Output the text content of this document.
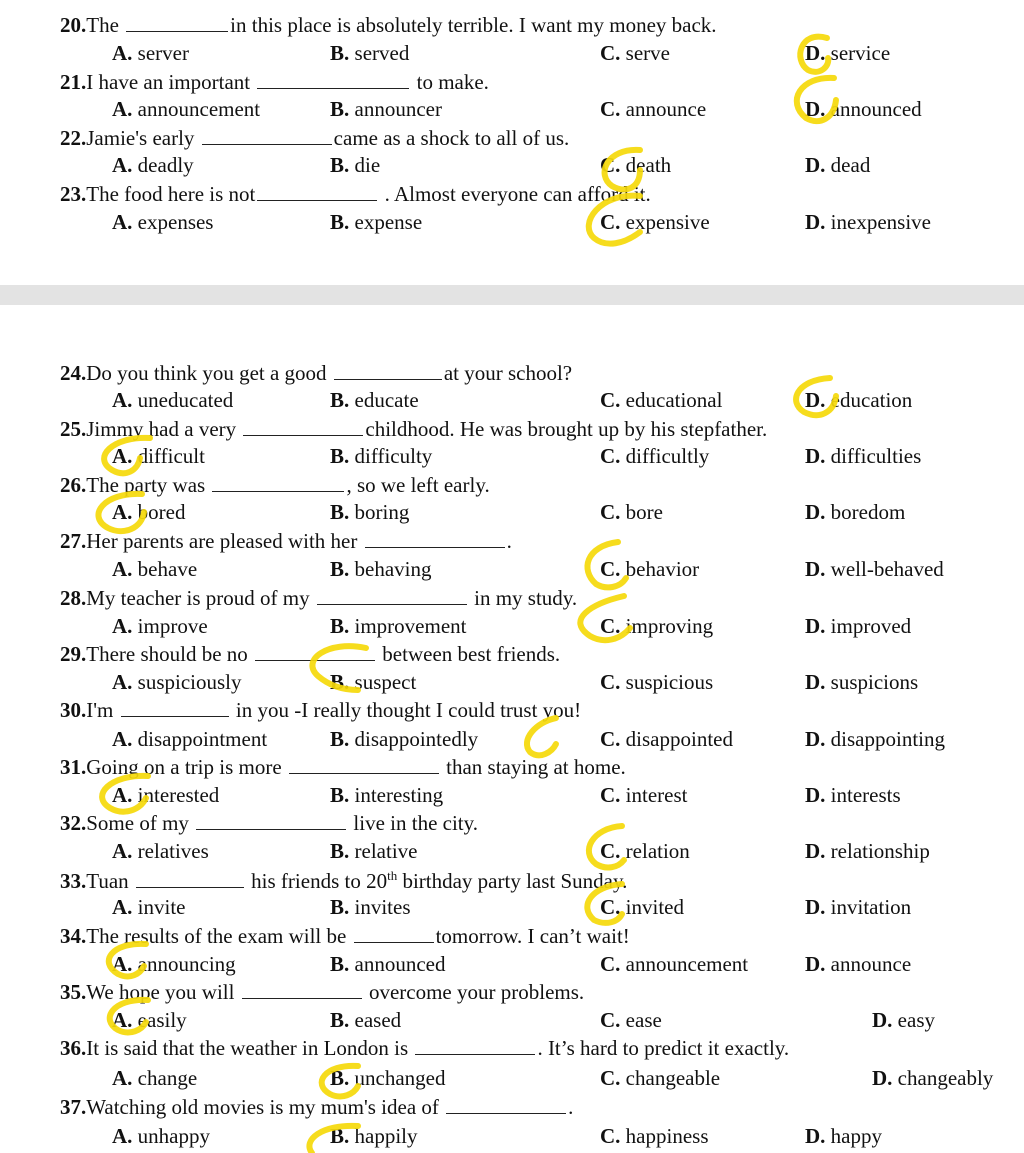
20.The	in this place is absolutely terrible. I want my money back.
A. server	B. served	C. serve	D. service
21.I have an important	to make.
A. announcement	B. announcer	C. announce	D. announced
22.Jamie's early	came as a shock to all of us.
A. deadly	B. die	C. death	D. dead
23.The food here is not	. Almost everyone can afford it.
A. expenses	B. expense	C. expensive	D. inexpensive
24.Do you think you get a good	at your school?
A. uneducated	B. educate	C. educational	D. education
25.Jimmy had a very	childhood. He was brought up by his stepfather.
A. difficult	B. difficulty	C. difficultly	D. difficulties
26.The party was	, so we left early.
A. bored	B. boring	C. bore	D. boredom
27.Her parents are pleased with her	.
A. behave	B. behaving	C. behavior	D. well-behaved
28.My teacher is proud of my	in my study.
A. improve	B. improvement	C. improving	D. improved
29.There should be no	between best friends.
A. suspiciously	B. suspect	C. suspicious	D. suspicions
30.I'm	in you -I really thought I could trust you!
A. disappointment	B. disappointedly	C. disappointed	D. disappointing
31.Going on a trip is more	than staying at home.
A. interested	B. interesting	C. interest	D. interests
32.Some of my	live in the city.
A. relatives	B. relative	C. relation	D. relationship
33.Tuan	his friends to 20th birthday party last Sunday.
A. invite	B. invites	C. invited	D. invitation
34.The results of the exam will be	tomorrow. I can’t wait!
A. announcing	B. announced	C. announcement	D. announce
35.We hope you will	overcome your problems.
A. easily	B. eased	C. ease	D. easy
36.It is said that the weather in London is	. It’s hard to predict it exactly.
A. change	B. unchanged	C. changeable	D. changeably
37.Watching old movies is my mum's idea of	.
A. unhappy	B. happily	C. happiness	D. happy
